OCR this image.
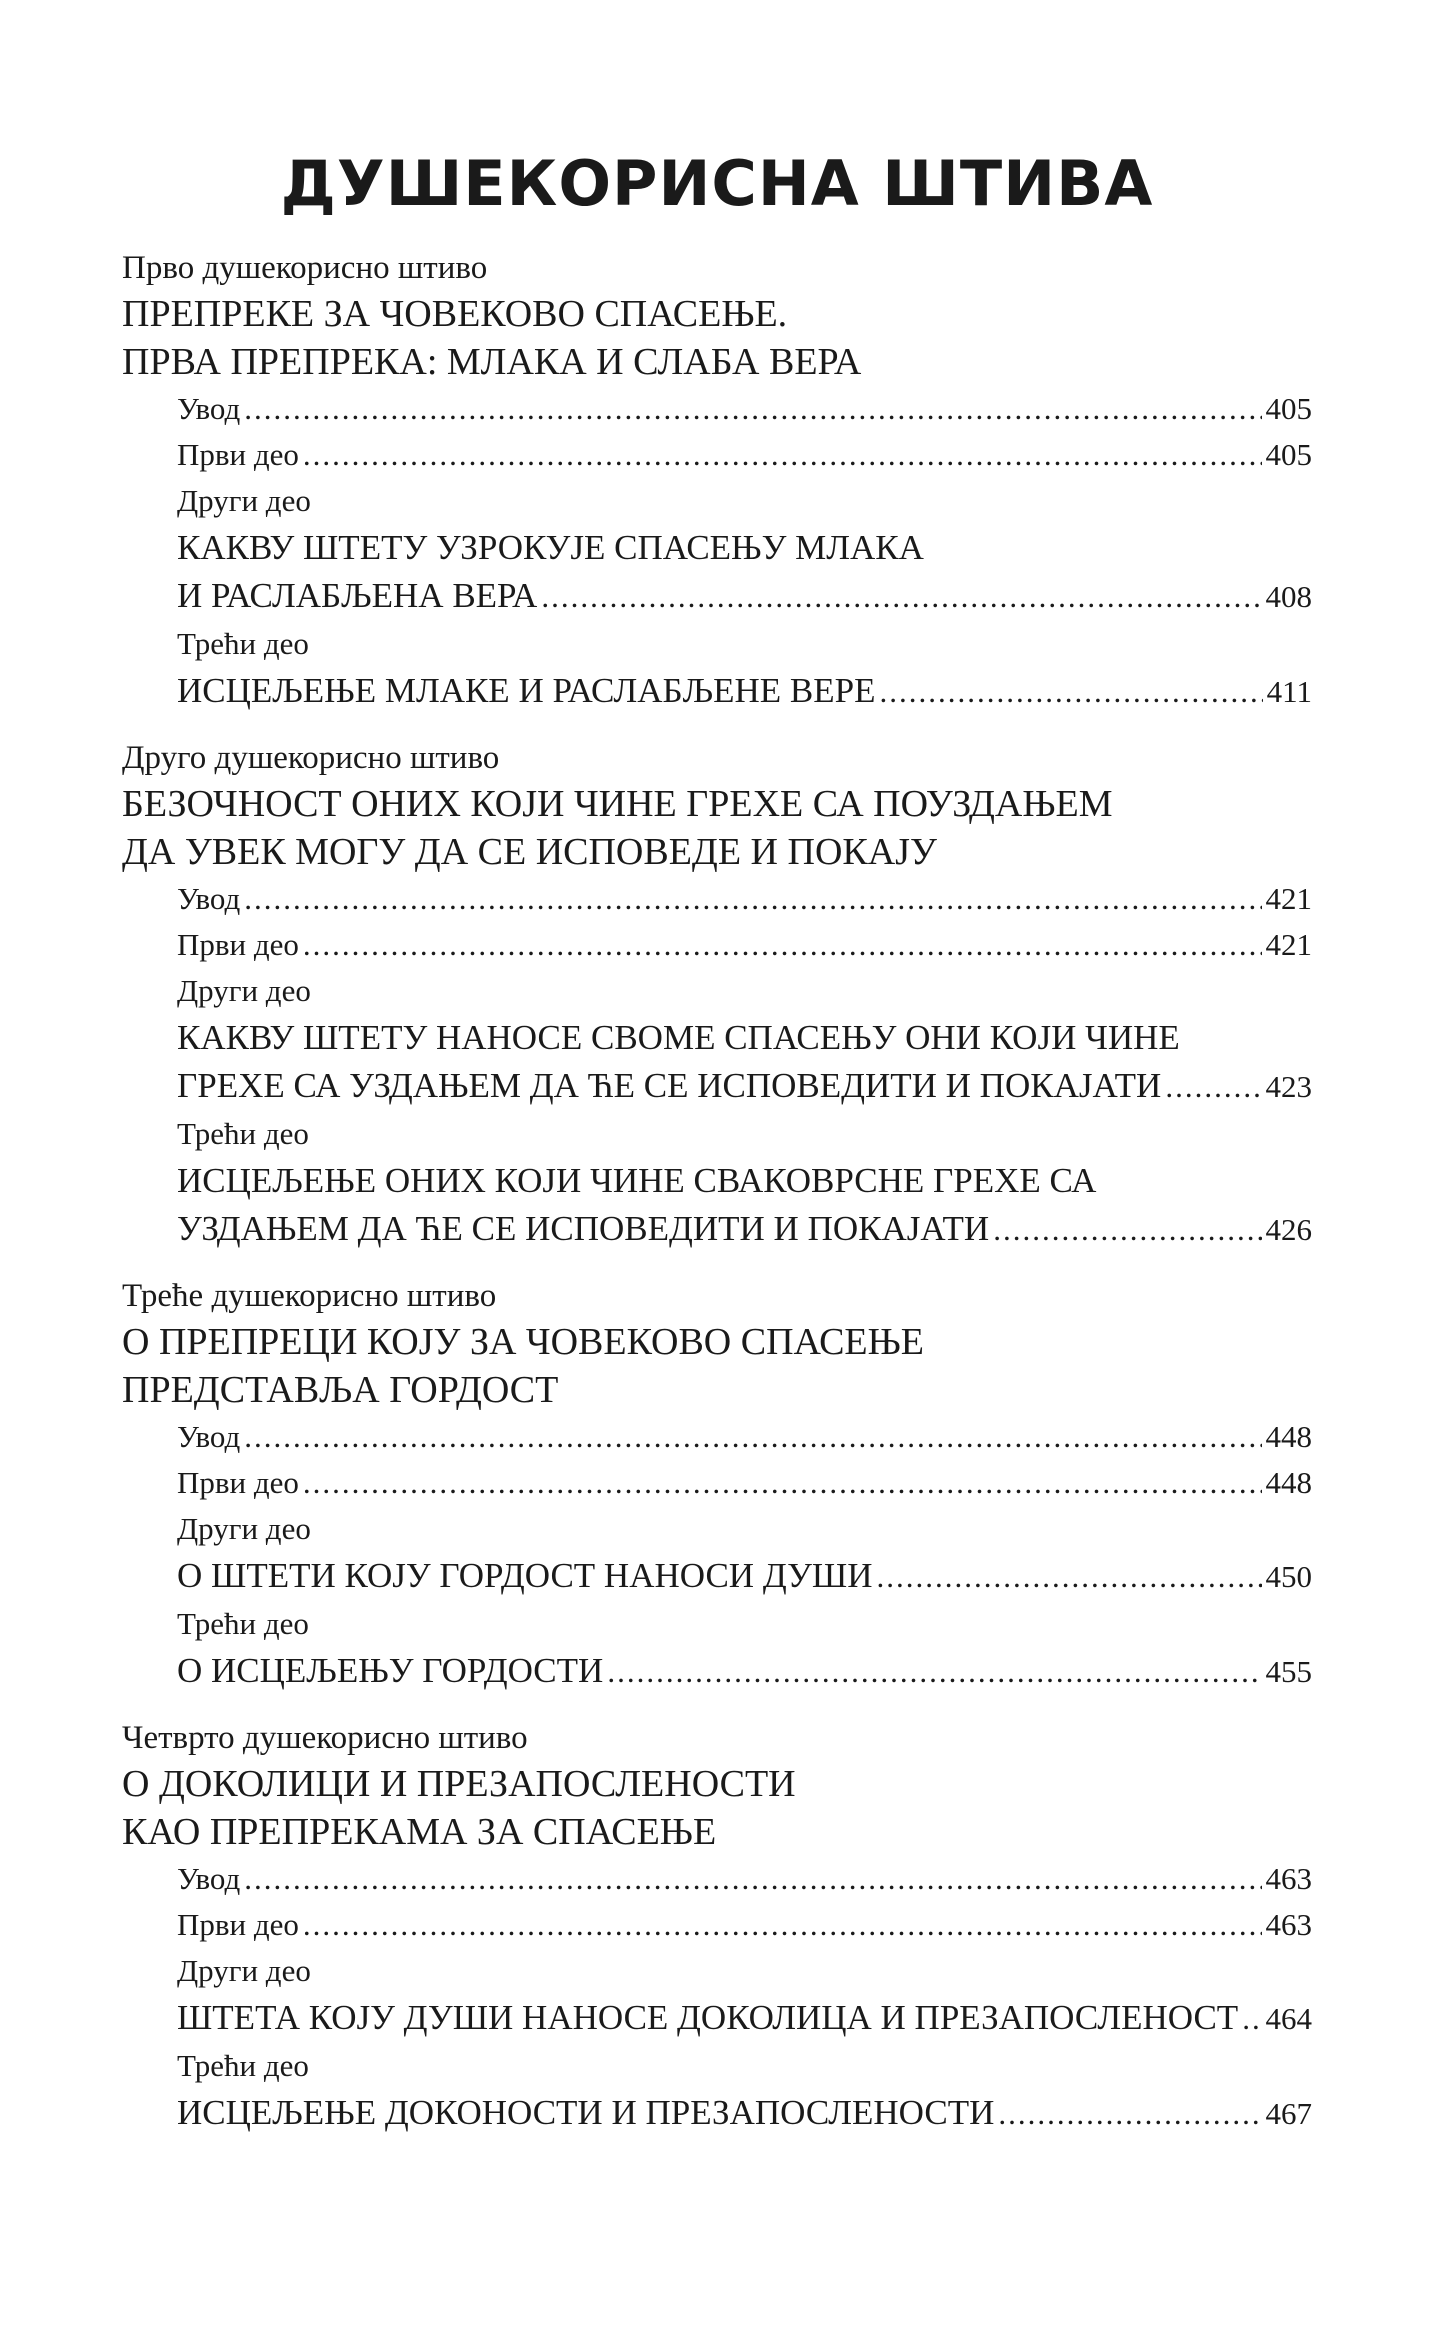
ДУШЕКОРИСНА ШТИВА
Прво душекорисно штиво
ПРЕПРЕКЕ ЗА ЧОВЕКОВО СПАСЕЊЕ.
ПРВА ПРЕПРЕКА: МЛАКА И СЛАБА ВЕРА
Увод .....	405
Први део .....	405
Други део
КАКВУ ШТЕТУ УЗРОКУЈЕ СПАСЕЊУ МЛАКА
И РАСЛАБЉЕНА ВЕРА .....	408
Трећи део
ИСЦЕЉЕЊЕ МЛАКЕ И РАСЛАБЉЕНЕ ВЕРЕ .....	411
Друго душекорисно штиво
БЕЗОЧНОСТ ОНИХ КОЈИ ЧИНЕ ГРЕХЕ СА ПОУЗДАЊЕМ
ДА УВЕК МОГУ ДА СЕ ИСПОВЕДЕ И ПОКАЈУ
Увод .....	421
Први део .....	421
Други део
КАКВУ ШТЕТУ НАНОСЕ СВОМЕ СПАСЕЊУ ОНИ КОЈИ ЧИНЕ
ГРЕХЕ СА УЗДАЊЕМ ДА ЋЕ СЕ ИСПОВЕДИТИ И ПОКАЈАТИ .....	423
Трећи део
ИСЦЕЉЕЊЕ ОНИХ КОЈИ ЧИНЕ СВАКОВРСНЕ ГРЕХЕ СА
УЗДАЊЕМ ДА ЋЕ СЕ ИСПОВЕДИТИ И ПОКАЈАТИ .....	426
Треће душекорисно штиво
О ПРЕПРЕЦИ КОЈУ ЗА ЧОВЕКОВО СПАСЕЊЕ
ПРЕДСТАВЉА ГОРДОСТ
Увод .....	448
Први део .....	448
Други део
О ШТЕТИ КОЈУ ГОРДОСТ НАНОСИ ДУШИ .....	450
Трећи део
О ИСЦЕЉЕЊУ ГОРДОСТИ .....	455
Четврто душекорисно штиво
О ДОКОЛИЦИ И ПРЕЗАПОСЛЕНОСТИ
КАО ПРЕПРЕКАМА ЗА СПАСЕЊЕ
Увод .....	463
Први део .....	463
Други део
ШТЕТА КОЈУ ДУШИ НАНОСЕ ДОКОЛИЦА И ПРЕЗАПОСЛЕНОСТ ..... 464
Трећи део
ИСЦЕЉЕЊЕ ДОКОНОСТИ И ПРЕЗАПОСЛЕНОСТИ .....	467
